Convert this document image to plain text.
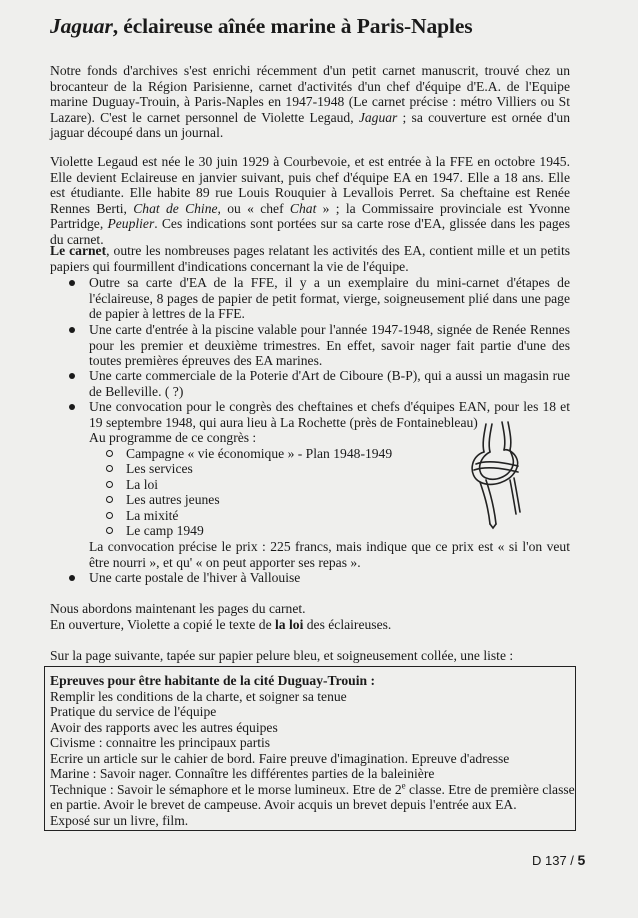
Jaguar, éclaireuse aînée marine à Paris-Naples

Notre fonds d'archives s'est enrichi récemment d'un petit carnet manuscrit, trouvé chez un brocanteur de la Région Parisienne, carnet d'activités d'un chef d'équipe d'E.A. de l'Equipe marine Duguay-Trouin, à Paris-Naples en 1947-1948 (Le carnet précise : métro Villiers ou St Lazare). C'est le carnet personnel de Violette Legaud, Jaguar ; sa couverture est ornée d'un jaguar découpé dans un journal.

Violette Legaud est née le 30 juin 1929 à Courbevoie, et est entrée à la FFE en octobre 1945. Elle devient Eclaireuse en janvier suivant, puis chef d'équipe EA en 1947. Elle a 18 ans. Elle est étudiante. Elle habite 89 rue Louis Rouquier à Levallois Perret. Sa cheftaine est Renée Rennes Berti, Chat de Chine, ou « chef Chat » ; la Commissaire provinciale est Yvonne Partridge, Peuplier. Ces indications sont portées sur sa carte rose d'EA, glissée dans les pages du carnet.

Le carnet, outre les nombreuses pages relatant les activités des EA, contient mille et un petits papiers qui fourmillent d'indications concernant la vie de l'équipe.

Outre sa carte d'EA de la FFE, il y a un exemplaire du mini-carnet d'étapes de l'éclaireuse, 8 pages de papier de petit format, vierge, soigneusement plié dans une page de papier à lettres de la FFE.
Une carte d'entrée à la piscine valable pour l'année 1947-1948, signée de Renée Rennes pour les premier et deuxième trimestres. En effet, savoir nager fait partie d'une des toutes premières épreuves des EA marines.
Une carte commerciale de la Poterie d'Art de Ciboure (B-P), qui a aussi un magasin rue de Belleville. ( ?)
Une convocation pour le congrès des cheftaines et chefs d'équipes EAN, pour les 18 et 19 septembre 1948, qui aura lieu à La Rochette (près de Fontainebleau)

Au programme de ce congrès :

Campagne « vie économique » - Plan 1948-1949

Les services

La loi

Les autres jeunes

La mixité

Le camp 1949

La convocation précise le prix : 225 francs, mais indique que ce prix est « si l'on veut être nourri », et qu' « on peut apporter ses repas ».

Une carte postale de l'hiver à Vallouise

Nous abordons maintenant les pages du carnet.

En ouverture, Violette a copié le texte de la loi des éclaireuses.

Sur la page suivante, tapée sur papier pelure bleu, et soigneusement collée, une liste :

Epreuves pour être habitante de la cité Duguay-Trouin :

Remplir les conditions de la charte, et soigner sa tenue

Pratique du service de l'équipe

Avoir des rapports avec les autres équipes

Civisme : connaitre les principaux partis

Ecrire un article sur le cahier de bord. Faire preuve d'imagination. Epreuve d'adresse

Marine : Savoir nager. Connaître les différentes parties de la baleinière

Technique : Savoir le sémaphore et le morse lumineux. Etre de 2e classe. Etre de première classe

en partie. Avoir le brevet de campeuse. Avoir acquis un brevet depuis l'entrée aux EA.

Exposé sur un livre, film.

D 137 / 5
